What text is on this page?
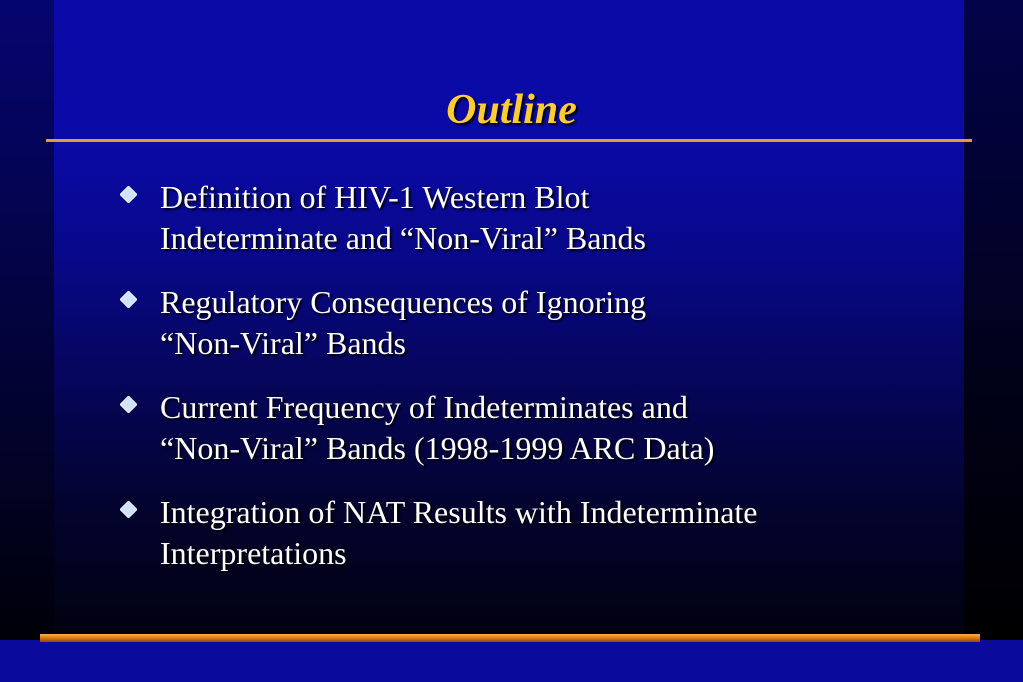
Outline
Definition of HIV-1 Western Blot
Indeterminate and “Non-Viral” Bands
Regulatory Consequences of Ignoring
“Non-Viral” Bands
Current Frequency of Indeterminates and
“Non-Viral” Bands (1998-1999 ARC Data)
Integration of NAT Results with Indeterminate
Interpretations
